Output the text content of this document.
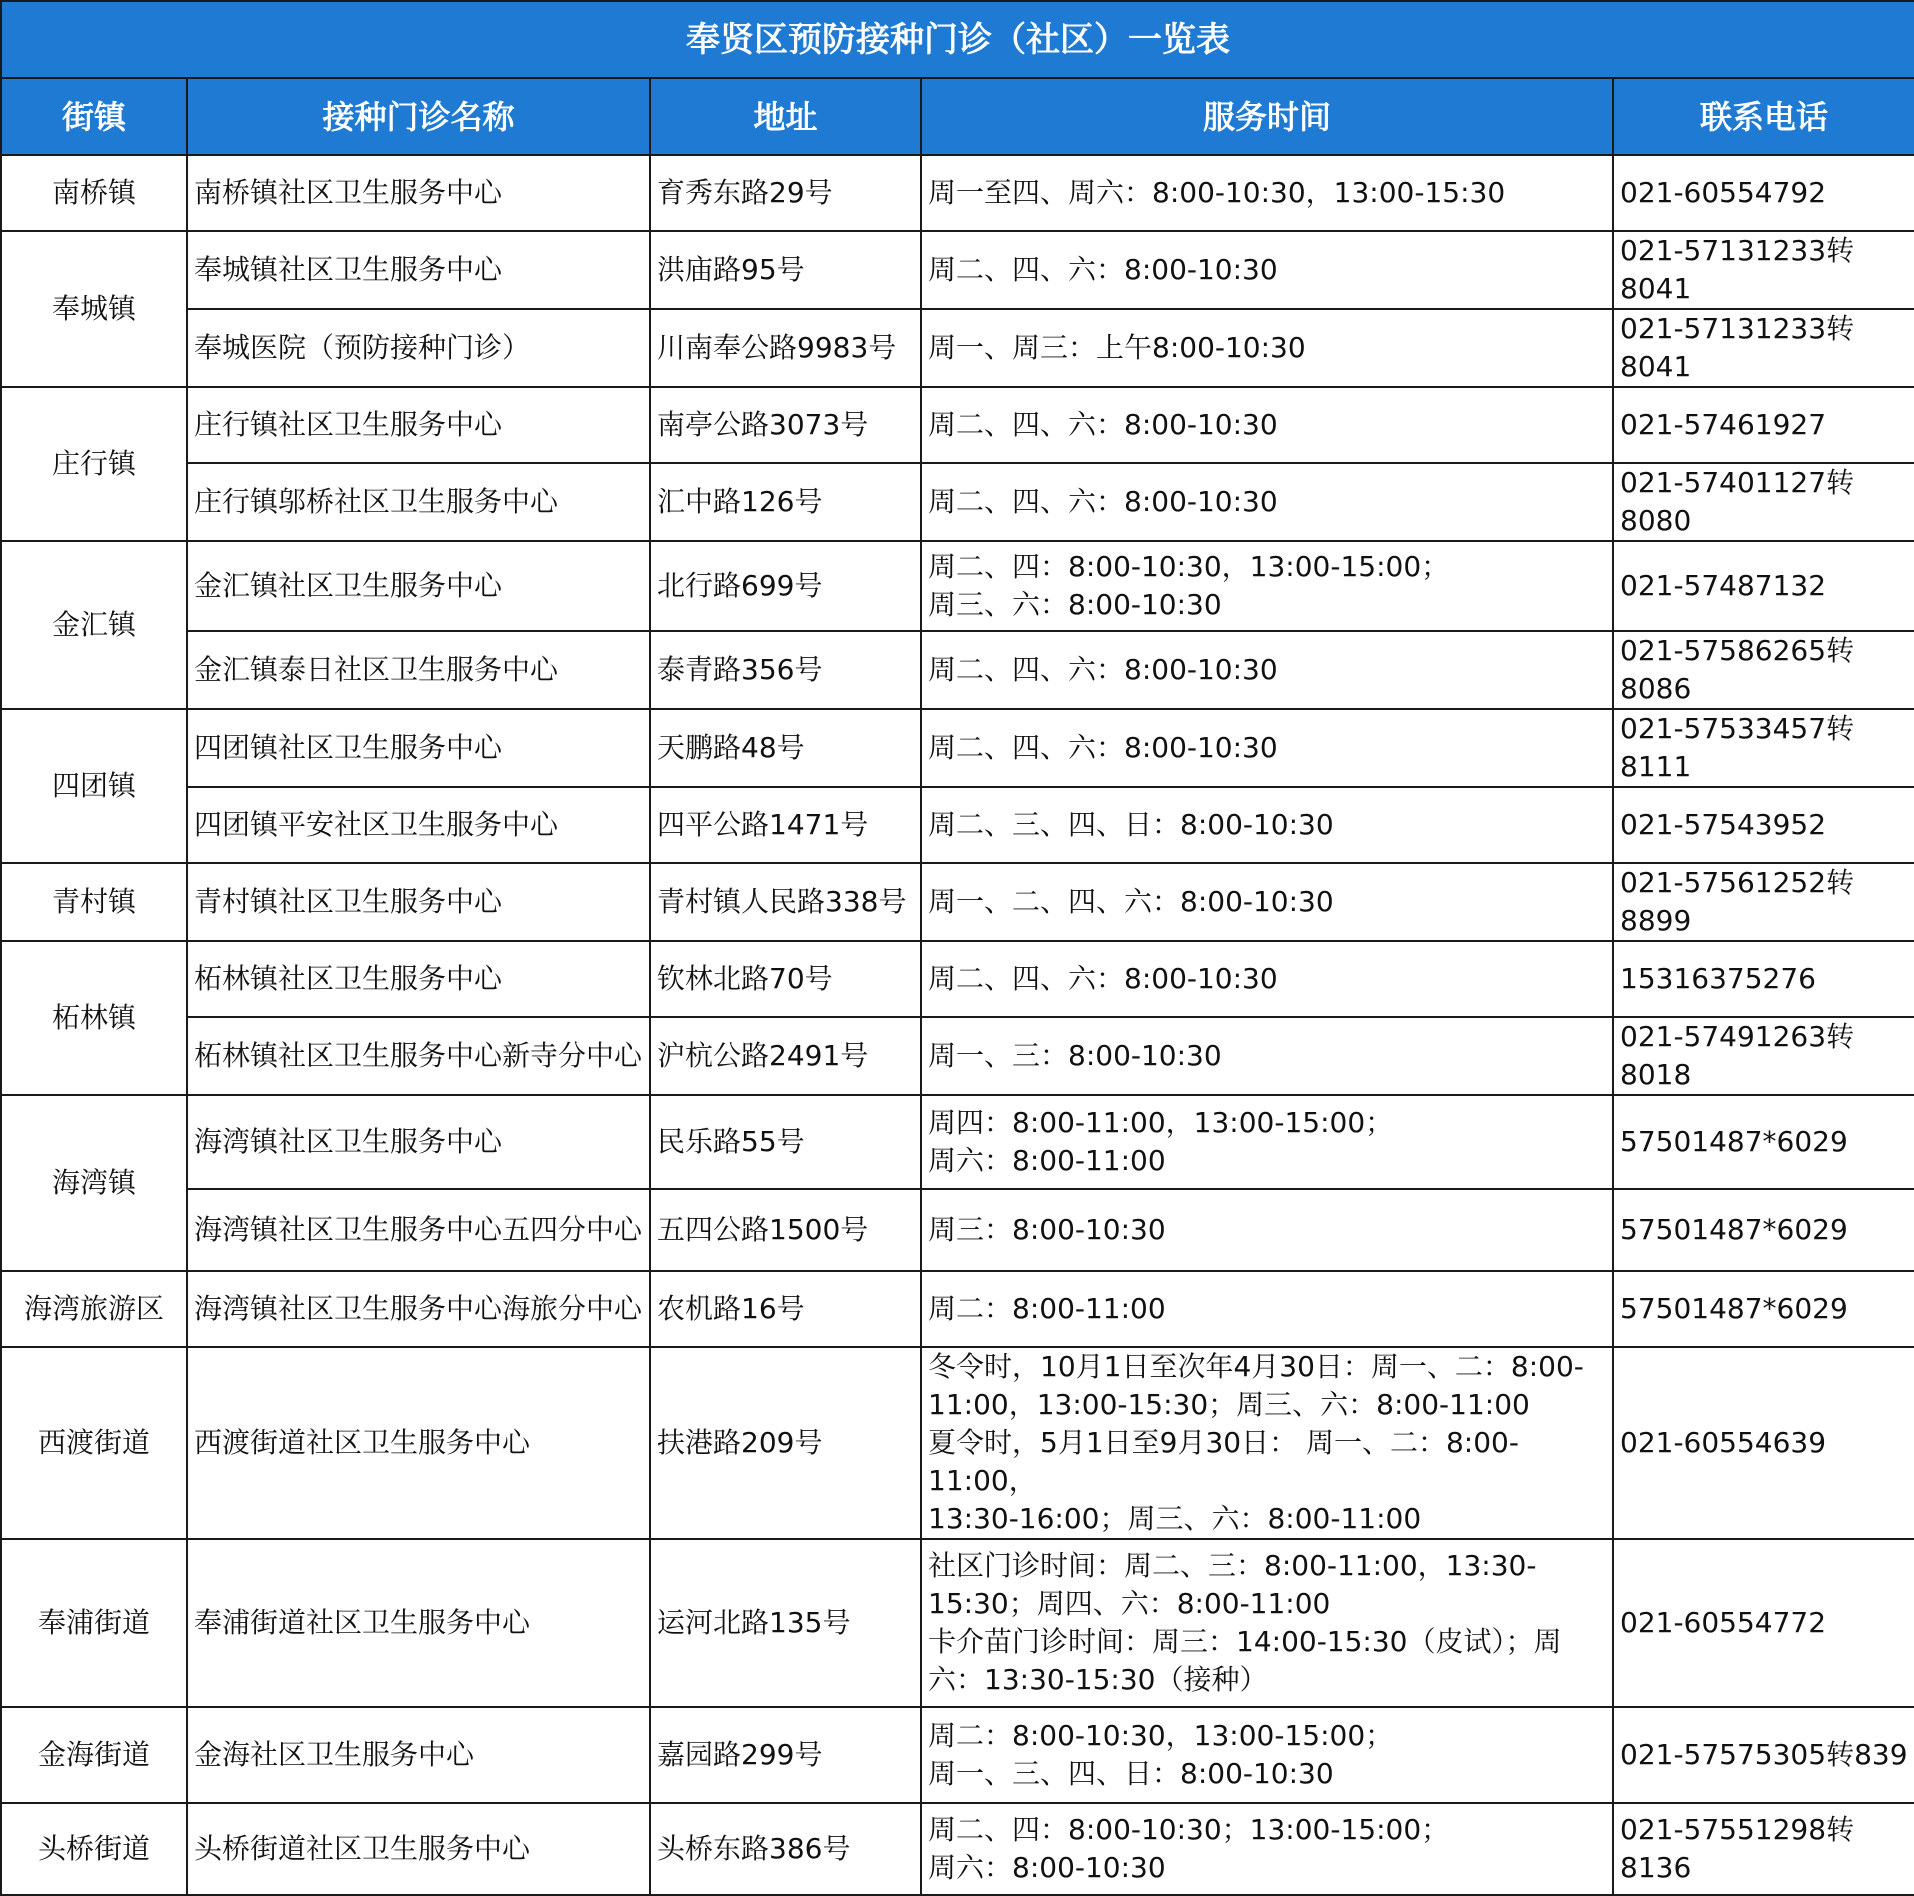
奉贤区预防接种门诊（社区）一览表				
街镇	接种门诊名称	地址	服务时间	联系电话
南桥镇	南桥镇社区卫生服务中心	育秀东路29号	周一至四、周六：8:00-10:30，13:00-15:30	021-60554792
奉城镇	奉城镇社区卫生服务中心	洪庙路95号	周二、四、六：8:00-10:30	021-57131233转8041
	奉城医院（预防接种门诊）	川南奉公路9983号	周一、周三：上午8:00-10:30	021-57131233转8041
庄行镇	庄行镇社区卫生服务中心	南亭公路3073号	周二、四、六：8:00-10:30	021-57461927
	庄行镇邬桥社区卫生服务中心	汇中路126号	周二、四、六：8:00-10:30	021-57401127转8080
金汇镇	金汇镇社区卫生服务中心	北行路699号	周二、四：8:00-10:30，13:00-15:00；
周三、六：8:00-10:30	021-57487132
	金汇镇泰日社区卫生服务中心	泰青路356号	周二、四、六：8:00-10:30	021-57586265转8086
四团镇	四团镇社区卫生服务中心	天鹏路48号	周二、四、六：8:00-10:30	021-57533457转8111
	四团镇平安社区卫生服务中心	四平公路1471号	周二、三、四、日：8:00-10:30	021-57543952
青村镇	青村镇社区卫生服务中心	青村镇人民路338号	周一、二、四、六：8:00-10:30	021-57561252转8899
柘林镇	柘林镇社区卫生服务中心	钦林北路70号	周二、四、六：8:00-10:30	15316375276
	柘林镇社区卫生服务中心新寺分中心	沪杭公路2491号	周一、三：8:00-10:30	021-57491263转8018
海湾镇	海湾镇社区卫生服务中心	民乐路55号	周四：8:00-11:00，13:00-15:00；
周六：8:00-11:00	57501487*6029
	海湾镇社区卫生服务中心五四分中心	五四公路1500号	周三：8:00-10:30	57501487*6029
海湾旅游区	海湾镇社区卫生服务中心海旅分中心	农机路16号	周二：8:00-11:00	57501487*6029
西渡街道	西渡街道社区卫生服务中心	扶港路209号	冬令时，10月1日至次年4月30日：周一、二：8:00-
11:00，13:00-15:30；周三、六：8:00-11:00
夏令时，5月1日至9月30日： 周一、二：8:00-11:00，
13:30-16:00；周三、六：8:00-11:00	021-60554639
奉浦街道	奉浦街道社区卫生服务中心	运河北路135号	社区门诊时间：周二、三：8:00-11:00，13:30-
15:30；周四、六：8:00-11:00
卡介苗门诊时间：周三：14:00-15:30（皮试）；周
六：13:30-15:30（接种）	021-60554772
金海街道	金海社区卫生服务中心	嘉园路299号	周二：8:00-10:30，13:00-15:00；
周一、三、四、日：8:00-10:30	021-57575305转839
头桥街道	头桥街道社区卫生服务中心	头桥东路386号	周二、四：8:00-10:30；13:00-15:00；
周六：8:00-10:30	021-57551298转8136
